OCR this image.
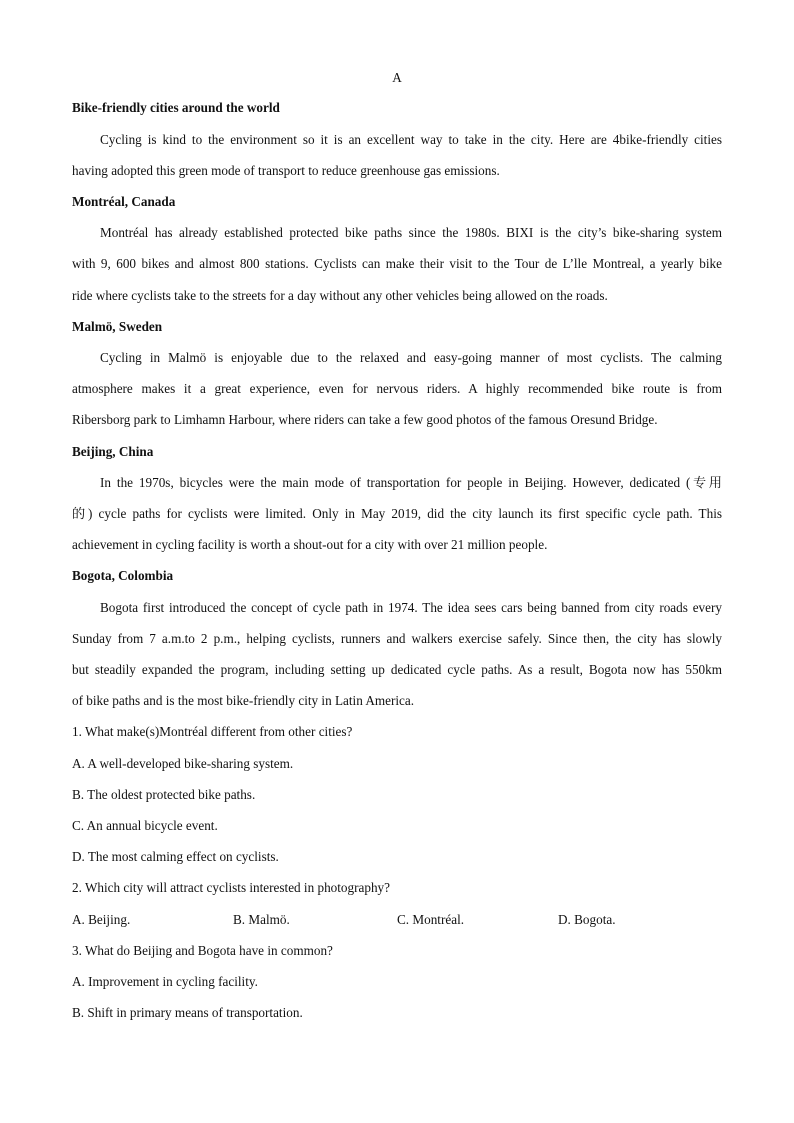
A
Bike-friendly cities around the world
Cycling is kind to the environment so it is an excellent way to take in the city. Here are 4bike-friendly cities
having adopted this green mode of transport to reduce greenhouse gas emissions.
Montréal, Canada
Montréal has already established protected bike paths since the 1980s. BIXI is the city’s bike-sharing system
with 9, 600 bikes and almost 800 stations. Cyclists can make their visit to the Tour de L’lle Montreal, a yearly bike
ride where cyclists take to the streets for a day without any other vehicles being allowed on the roads.
Malmö, Sweden
Cycling in Malmö is enjoyable due to the relaxed and easy-going manner of most cyclists. The calming
atmosphere makes it a great experience, even for nervous riders. A highly recommended bike route is from
Ribersborg park to Limhamn Harbour, where riders can take a few good photos of the famous Oresund Bridge.
Beijing, China
In the 1970s, bicycles were the main mode of transportation for people in Beijing. However, dedicated (专用
的) cycle paths for cyclists were limited. Only in May 2019, did the city launch its first specific cycle path. This
achievement in cycling facility is worth a shout-out for a city with over 21 million people.
Bogota, Colombia
Bogota first introduced the concept of cycle path in 1974. The idea sees cars being banned from city roads every
Sunday from 7 a.m.to 2 p.m., helping cyclists, runners and walkers exercise safely. Since then, the city has slowly
but steadily expanded the program, including setting up dedicated cycle paths. As a result, Bogota now has 550km
of bike paths and is the most bike-friendly city in Latin America.
1. What make(s)Montréal different from other cities?
A. A well-developed bike-sharing system.
B. The oldest protected bike paths.
C. An annual bicycle event.
D. The most calming effect on cyclists.
2. Which city will attract cyclists interested in photography?
A. Beijing.	B. Malmö.	C. Montréal.	D. Bogota.
3. What do Beijing and Bogota have in common?
A. Improvement in cycling facility.
B. Shift in primary means of transportation.
